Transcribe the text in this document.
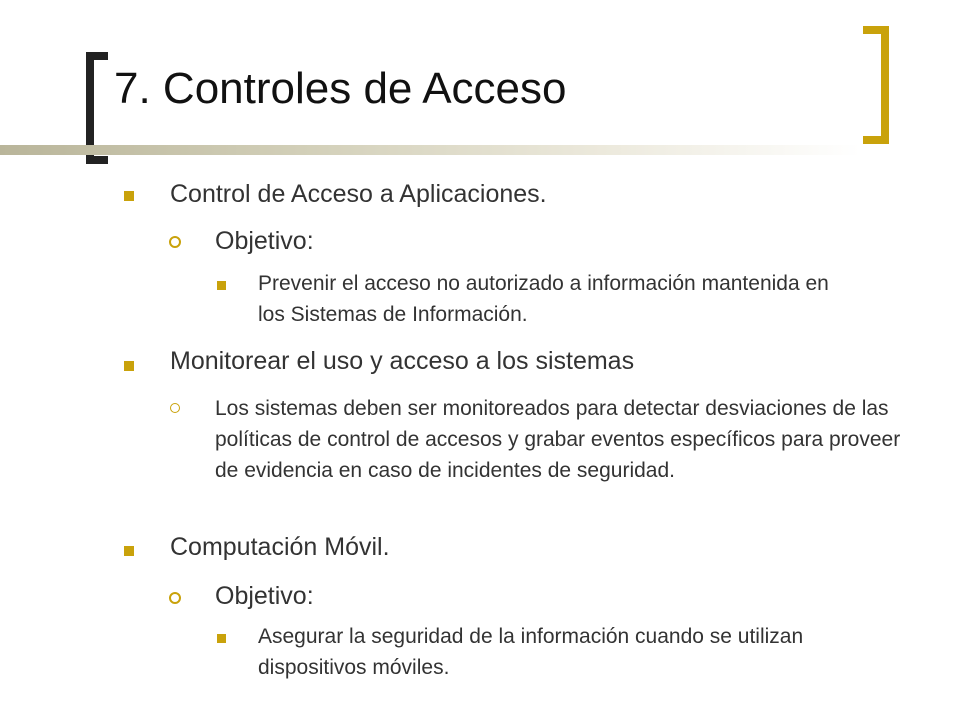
7. Controles de Acceso
Control de Acceso a Aplicaciones.
Objetivo:
Prevenir el acceso no autorizado a información mantenida en los Sistemas de Información.
Monitorear el uso y acceso a los sistemas
Los sistemas deben ser monitoreados para detectar desviaciones de las políticas de control de accesos y grabar eventos específicos para proveer de evidencia en caso de incidentes de seguridad.
Computación Móvil.
Objetivo:
Asegurar la seguridad de la información cuando se utilizan dispositivos móviles.
